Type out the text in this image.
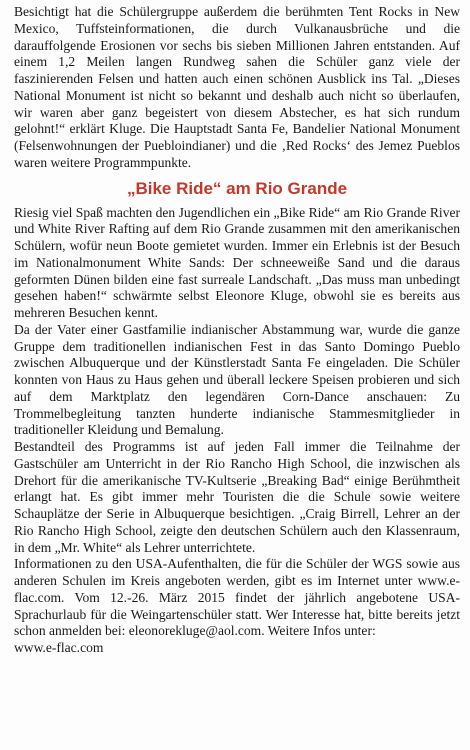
Besichtigt hat die Schülergruppe außerdem die berühmten Tent Rocks in New Mexico, Tuffsteinformationen, die durch Vulkanausbrüche und die darauffolgende Erosionen vor sechs bis sieben Millionen Jahren entstanden. Auf einem 1,2 Meilen langen Rundweg sahen die Schüler ganz viele der faszinierenden Felsen und hatten auch einen schönen Ausblick ins Tal. „Dieses National Monument ist nicht so bekannt und deshalb auch nicht so überlaufen, wir waren aber ganz begeistert von diesem Abstecher, es hat sich rundum gelohnt!“ erklärt Kluge. Die Hauptstadt Santa Fe, Bandelier National Monument (Felsenwohnungen der Puebloindianer) und die ‚Red Rocks‘ des Jemez Pueblos waren weitere Programmpunkte.

„Bike Ride“ am Rio Grande

Riesig viel Spaß machten den Jugendlichen ein „Bike Ride“ am Rio Grande River und White River Rafting auf dem Rio Grande zusammen mit den amerikanischen Schülern, wofür neun Boote gemietet wurden. Immer ein Erlebnis ist der Besuch im Nationalmonument White Sands: Der schneeweiße Sand und die daraus geformten Dünen bilden eine fast surreale Landschaft. „Das muss man unbedingt gesehen haben!“ schwärmte selbst Eleonore Kluge, obwohl sie es bereits aus mehreren Besuchen kennt.

Da der Vater einer Gastfamilie indianischer Abstammung war, wurde die ganze Gruppe dem traditionellen indianischen Fest in das Santo Domingo Pueblo zwischen Albuquerque und der Künstlerstadt Santa Fe eingeladen. Die Schüler konnten von Haus zu Haus gehen und überall leckere Speisen probieren und sich auf dem Marktplatz den legendären Corn-Dance anschauen: Zu Trommelbegleitung tanzten hunderte indianische Stammesmitglieder in traditioneller Kleidung und Bemalung.

Bestandteil des Programms ist auf jeden Fall immer die Teilnahme der Gastschüler am Unterricht in der Rio Rancho High School, die inzwischen als Drehort für die amerikanische TV-Kultserie „Breaking Bad“ einige Berühmtheit erlangt hat. Es gibt immer mehr Touristen die die Schule sowie weitere Schauplätze der Serie in Albuquerque besichtigen. „Craig Birrell, Lehrer an der Rio Rancho High School, zeigte den deutschen Schülern auch den Klassenraum, in dem „Mr. White“ als Lehrer unterrichtete.

Informationen zu den USA-Aufenthalten, die für die Schüler der WGS sowie aus anderen Schulen im Kreis angeboten werden, gibt es im Internet unter www.e-flac.com. Vom 12.-26. März 2015 findet der jährlich angebotene USA-Sprachurlaub für die Weingartenschüler statt. Wer Interesse hat, bitte bereits jetzt schon anmelden bei: eleonorekluge@aol.com. Weitere Infos unter:

www.e-flac.com
